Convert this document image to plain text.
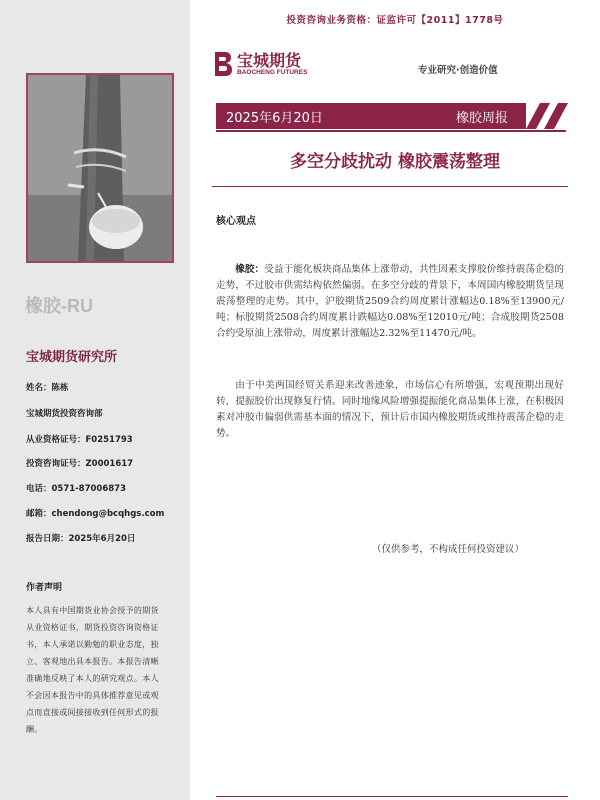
橡胶-RU
宝城期货研究所
姓名：陈栋
宝城期货投资咨询部
从业资格证号：F0251793
投资咨询证号：Z0001617
电话：0571-87006873
邮箱：chendong@bcqhgs.com
报告日期：2025年6月20日
作者声明
本人具有中国期货业协会授予的期货从业资格证书，期货投资咨询资格证书，本人承诺以勤勉的职业态度，独立、客观地出具本报告。本报告清晰准确地反映了本人的研究观点。本人不会因本报告中的具体推荐意见或观点而直接或间接接收到任何形式的报酬。
投资咨询业务资格：证监许可【2011】1778号
宝城期货
BAOCHENG FUTURES	专业研究·创造价值
2025年6月20日	橡胶周报
多空分歧扰动 橡胶震荡整理
核心观点
橡胶：受益于能化板块商品集体上涨带动，共性因素支撑胶价维持震荡企稳的走势，不过胶市供需结构依然偏弱。在多空分歧的背景下，本周国内橡胶期货呈现震荡整理的走势。其中，沪胶期货2509合约周度累计涨幅达0.18%至13900元/吨；标胶期货2508合约周度累计跌幅达0.08%至12010元/吨；合成胶期货2508合约受原油上涨带动，周度累计涨幅达2.32%至11470元/吨。
由于中美两国经贸关系迎来改善迹象，市场信心有所增强，宏观预期出现好转，提振胶价出现修复行情。同时地缘风险增强提振能化商品集体上涨，在积极因素对冲胶市偏弱供需基本面的情况下，预计后市国内橡胶期货或维持震荡企稳的走势。
（仅供参考，不构成任何投资建议）
